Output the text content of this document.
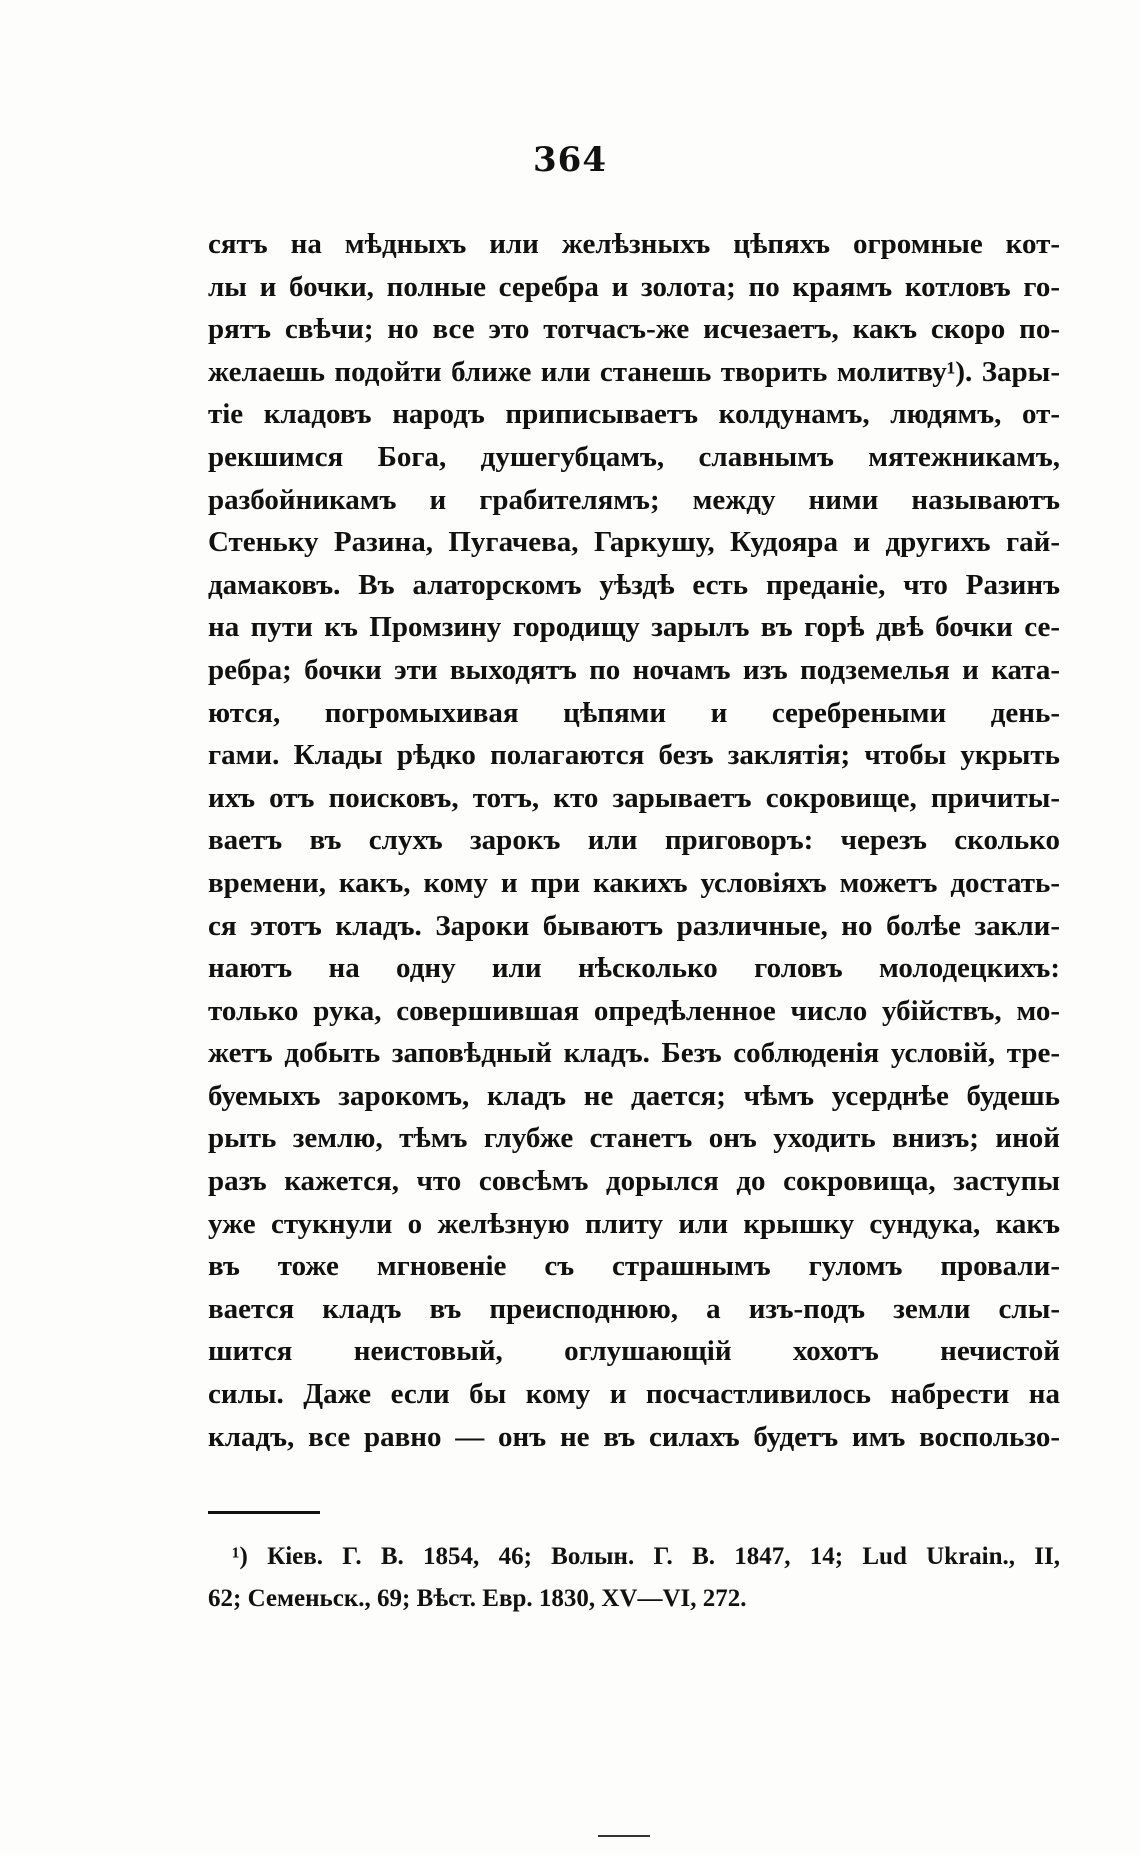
364
сятъ на мѣдныхъ или желѣзныхъ цѣпяхъ огромные кот-
лы и бочки, полные серебра и золота; по краямъ котловъ го-
рятъ свѣчи; но все это тотчасъ-же исчезаетъ, какъ скоро по-
желаешь подойти ближе или станешь творить молитву¹). Зары-
тіе кладовъ народъ приписываетъ колдунамъ, людямъ, от-
рекшимся Бога, душегубцамъ, славнымъ мятежникамъ,
разбойникамъ и грабителямъ; между ними называютъ
Стеньку Разина, Пугачева, Гаркушу, Кудояра и другихъ гай-
дамаковъ. Въ алаторскомъ уѣздѣ есть преданіе, что Разинъ
на пути къ Промзину городищу зарылъ въ горѣ двѣ бочки се-
ребра; бочки эти выходятъ по ночамъ изъ подземелья и ката-
ются, погромыхивая цѣпями и серебреными день-
гами. Клады рѣдко полагаются безъ заклятія; чтобы укрыть
ихъ отъ поисковъ, тотъ, кто зарываетъ сокровище, причиты-
ваетъ въ слухъ зарокъ или приговоръ: черезъ сколько
времени, какъ, кому и при какихъ условіяхъ можетъ достать-
ся этотъ кладъ. Зароки бываютъ различные, но болѣе закли-
наютъ на одну или нѣсколько головъ молодецкихъ:
только рука, совершившая опредѣленное число убійствъ, мо-
жетъ добыть заповѣдный кладъ. Безъ соблюденія условій, тре-
буемыхъ зарокомъ, кладъ не дается; чѣмъ усерднѣе будешь
рыть землю, тѣмъ глубже станетъ онъ уходить внизъ; иной
разъ кажется, что совсѣмъ дорылся до сокровища, заступы
уже стукнули о желѣзную плиту или крышку сундука, какъ
въ тоже мгновеніе съ страшнымъ гуломъ провали-
вается кладъ въ преисподнюю, а изъ-подъ земли слы-
шится неистовый, оглушающій хохотъ нечистой
силы. Даже если бы кому и посчастливилось набрести на
кладъ, все равно — онъ не въ силахъ будетъ имъ воспользо-
¹) Кіев. Г. В. 1854, 46; Волын. Г. В. 1847, 14; Lud Ukrain., II,
62; Семеньск., 69; Вѣст. Евр. 1830, XV—VI, 272.
